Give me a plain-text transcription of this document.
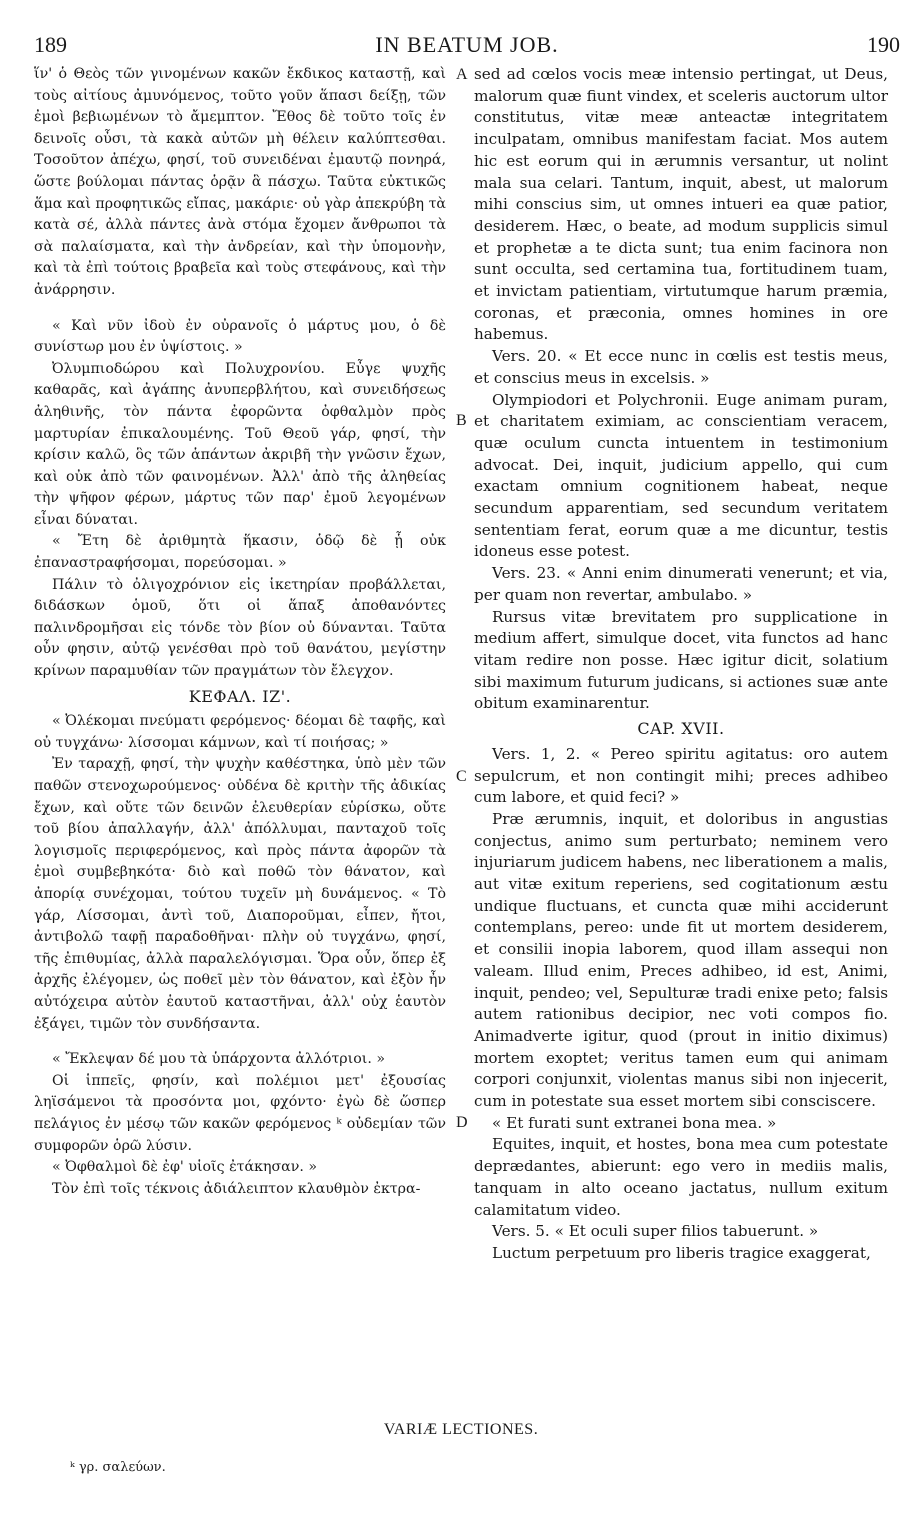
189	IN BEATUM JOB.	190

ἵν' ὁ Θεὸς τῶν γινομένων κακῶν ἔκδικος καταστῇ, καὶ τοὺς αἰτίους ἀμυνόμενος, τοῦτο γοῦν ἅπασι δείξῃ, τῶν ἐμοὶ βεβιωμένων τὸ ἄμεμπτον. Ἔθος δὲ τοῦτο τοῖς ἐν δεινοῖς οὖσι, τὰ κακὰ αὐτῶν μὴ θέλειν καλύπτεσθαι. Τοσοῦτον ἀπέχω, φησί, τοῦ συνειδέναι ἐμαυτῷ πονηρά, ὥστε βούλομαι πάντας ὁρᾷν ἃ πάσχω. Ταῦτα εὐκτικῶς ἅμα καὶ προφητικῶς εἴπας, μακάριε· οὐ γὰρ ἀπεκρύβη τὰ κατὰ σέ, ἀλλὰ πάντες ἀνὰ στόμα ἔχομεν ἄνθρωποι τὰ σὰ παλαίσματα, καὶ τὴν ἀνδρείαν, καὶ τὴν ὑπομονὴν, καὶ τὰ ἐπὶ τούτοις βραβεῖα καὶ τοὺς στεφάνους, καὶ τὴν ἀνάρρησιν.

« Καὶ νῦν ἰδοὺ ἐν οὐρανοῖς ὁ μάρτυς μου, ὁ δὲ συνίστωρ μου ἐν ὑψίστοις. »

Ὀλυμπιοδώρου καὶ Πολυχρονίου. Εὖγε ψυχῆς καθαρᾶς, καὶ ἀγάπης ἀνυπερβλήτου, καὶ συνειδήσεως ἀληθινῆς, τὸν πάντα ἐφορῶντα ὀφθαλμὸν πρὸς μαρτυρίαν ἐπικαλουμένης. Τοῦ Θεοῦ γάρ, φησί, τὴν κρίσιν καλῶ, ὃς τῶν ἁπάντων ἀκριβῆ τὴν γνῶσιν ἔχων, καὶ οὐκ ἀπὸ τῶν φαινομένων. Ἀλλ' ἀπὸ τῆς ἀληθείας τὴν ψῆφον φέρων, μάρτυς τῶν παρ' ἐμοῦ λεγομένων εἶναι δύναται.

« Ἔτη δὲ ἀριθμητὰ ἥκασιν, ὁδῷ δὲ ᾗ οὐκ ἐπαναστραφήσομαι, πορεύσομαι. »

Πάλιν τὸ ὀλιγοχρόνιον εἰς ἱκετηρίαν προβάλλεται, διδάσκων ὁμοῦ, ὅτι οἱ ἅπαξ ἀποθανόντες παλινδρομῆσαι εἰς τόνδε τὸν βίον οὐ δύνανται. Ταῦτα οὖν φησιν, αὐτῷ γενέσθαι πρὸ τοῦ θανάτου, μεγίστην κρίνων παραμυθίαν τῶν πραγμάτων τὸν ἔλεγχον.

ΚΕΦΑΛ. ΙΖ'.

« Ὀλέκομαι πνεύματι φερόμενος· δέομαι δὲ ταφῆς, καὶ οὐ τυγχάνω· λίσσομαι κάμνων, καὶ τί ποιήσας; »

Ἐν ταραχῇ, φησί, τὴν ψυχὴν καθέστηκα, ὑπὸ μὲν τῶν παθῶν στενοχωρούμενος· οὐδένα δὲ κριτὴν τῆς ἀδικίας ἔχων, καὶ οὔτε τῶν δεινῶν ἐλευθερίαν εὑρίσκω, οὔτε τοῦ βίου ἀπαλλαγήν, ἀλλ' ἀπόλλυμαι, πανταχοῦ τοῖς λογισμοῖς περιφερόμενος, καὶ πρὸς πάντα ἀφορῶν τὰ ἐμοὶ συμβεβηκότα· διὸ καὶ ποθῶ τὸν θάνατον, καὶ ἀπορίᾳ συνέχομαι, τούτου τυχεῖν μὴ δυνάμενος. « Τὸ γάρ, Λίσσομαι, ἀντὶ τοῦ, Διαποροῦμαι, εἶπεν, ἤτοι, ἀντιβολῶ ταφῇ παραδοθῆναι· πλὴν οὐ τυγχάνω, φησί, τῆς ἐπιθυμίας, ἀλλὰ παραλελόγισμαι. Ὅρα οὖν, ὅπερ ἐξ ἀρχῆς ἐλέγομεν, ὡς ποθεῖ μὲν τὸν θάνατον, καὶ ἐξὸν ἦν αὐτόχειρα αὐτὸν ἑαυτοῦ καταστῆναι, ἀλλ' οὐχ ἑαυτὸν ἐξάγει, τιμῶν τὸν συνδήσαντα.

« Ἔκλεψαν δέ μου τὰ ὑπάρχοντα ἀλλότριοι. »

Οἱ ἱππεῖς, φησίν, καὶ πολέμιοι μετ' ἐξουσίας ληϊσάμενοι τὰ προσόντα μοι, φχόντο· ἐγὼ δὲ ὥσπερ πελάγιος ἐν μέσῳ τῶν κακῶν φερόμενος ᵏ οὐδεμίαν τῶν συμφορῶν ὁρῶ λύσιν.

« Ὀφθαλμοὶ δὲ ἐφ' υἱοῖς ἐτάκησαν. »

Τὸν ἐπὶ τοῖς τέκνοις ἀδιάλειπτον κλαυθμὸν ἐκτρα-

sed ad cœlos vocis meæ intensio pertingat, ut Deus, malorum quæ fiunt vindex, et sceleris auctorum ultor constitutus, vitæ meæ anteactæ integritatem inculpatam, omnibus manifestam faciat. Mos autem hic est eorum qui in ærumnis versantur, ut nolint mala sua celari. Tantum, inquit, abest, ut malorum mihi conscius sim, ut omnes intueri ea quæ patior, desiderem. Hæc, o beate, ad modum supplicis simul et prophetæ a te dicta sunt; tua enim facinora non sunt occulta, sed certamina tua, fortitudinem tuam, et invictam patientiam, virtutumque harum præmia, coronas, et præconia, omnes homines in ore habemus.

Vers. 20. « Et ecce nunc in cœlis est testis meus, et conscius meus in excelsis. »

Olympiodori et Polychronii. Euge animam puram, et charitatem eximiam, ac conscientiam veracem, quæ oculum cuncta intuentem in testimonium advocat. Dei, inquit, judicium appello, qui cum exactam omnium cognitionem habeat, neque secundum apparentiam, sed secundum veritatem sententiam ferat, eorum quæ a me dicuntur, testis idoneus esse potest.

Vers. 23. « Anni enim dinumerati venerunt; et via, per quam non revertar, ambulabo. »

Rursus vitæ brevitatem pro supplicatione in medium affert, simulque docet, vita functos ad hanc vitam redire non posse. Hæc igitur dicit, solatium sibi maximum futurum judicans, si actiones suæ ante obitum examinarentur.

CAP. XVII.

Vers. 1, 2. « Pereo spiritu agitatus: oro autem sepulcrum, et non contingit mihi; preces adhibeo cum labore, et quid feci? »

Præ ærumnis, inquit, et doloribus in angustias conjectus, animo sum perturbato; neminem vero injuriarum judicem habens, nec liberationem a malis, aut vitæ exitum reperiens, sed cogitationum æstu undique fluctuans, et cuncta quæ mihi acciderunt contemplans, pereo: unde fit ut mortem desiderem, et consilii inopia laborem, quod illam assequi non valeam. Illud enim, Preces adhibeo, id est, Animi, inquit, pendeo; vel, Sepulturæ tradi enixe peto; falsis autem rationibus decipior, nec voti compos fio. Animadverte igitur, quod (prout in initio diximus) mortem exoptet; veritus tamen eum qui animam corpori conjunxit, violentas manus sibi non injecerit, cum in potestate sua esset mortem sibi consciscere.

« Et furati sunt extranei bona mea. »

Equites, inquit, et hostes, bona mea cum potestate deprædantes, abierunt: ego vero in mediis malis, tanquam in alto oceano jactatus, nullum exitum calamitatum video.

Vers. 5. « Et oculi super filios tabuerunt. »

Luctum perpetuum pro liberis tragice exaggerat,

A
B
C
D
VARIÆ LECTIONES.
ᵏ γρ. σαλεύων.
